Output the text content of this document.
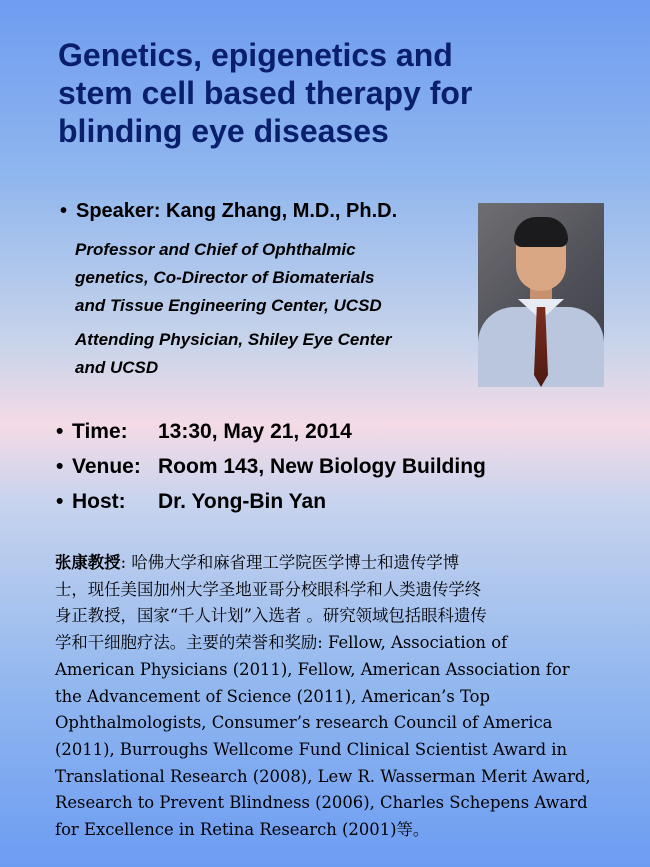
Genetics, epigenetics and
stem cell based therapy for
blinding eye diseases
• Speaker: Kang Zhang, M.D., Ph.D.
Professor and Chief of Ophthalmic
genetics, Co-Director of Biomaterials
and Tissue Engineering Center, UCSD
Attending Physician, Shiley Eye Center
and UCSD
• Time: 13:30, May 21, 2014
• Venue: Room 143, New Biology Building
• Host: Dr. Yong-Bin Yan
张康教授: 哈佛大学和麻省理工学院医学博士和遗传学博
士，现任美国加州大学圣地亚哥分校眼科学和人类遗传学终
身正教授，国家“千人计划”入选者 。研究领域包括眼科遗传
学和干细胞疗法。主要的荣誉和奖励: Fellow, Association of
American Physicians (2011), Fellow, American Association for
the Advancement of Science (2011), American’s Top
Ophthalmologists, Consumer’s research Council of America
(2011), Burroughs Wellcome Fund Clinical Scientist Award in
Translational Research (2008), Lew R. Wasserman Merit Award,
Research to Prevent Blindness (2006), Charles Schepens Award
for Excellence in Retina Research (2001)等。
